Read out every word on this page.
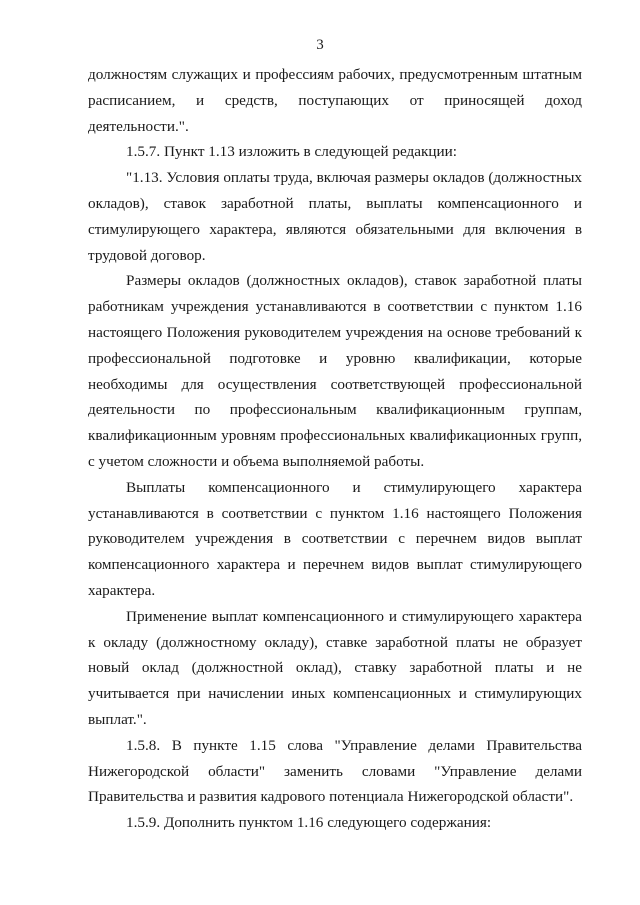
3

должностям служащих и профессиям рабочих, предусмотренным штатным расписанием, и средств, поступающих от приносящей доход деятельности.".

1.5.7. Пункт 1.13 изложить в следующей редакции:

"1.13. Условия оплаты труда, включая размеры окладов (должностных окладов), ставок заработной платы, выплаты компенсационного и стимулирующего характера, являются обязательными для включения в трудовой договор.

Размеры окладов (должностных окладов), ставок заработной платы работникам учреждения устанавливаются в соответствии с пунктом 1.16 настоящего Положения руководителем учреждения на основе требований к профессиональной подготовке и уровню квалификации, которые необходимы для осуществления соответствующей профессиональной деятельности по профессиональным квалификационным группам, квалификационным уровням профессиональных квалификационных групп, с учетом сложности и объема выполняемой работы.

Выплаты компенсационного и стимулирующего характера устанавливаются в соответствии с пунктом 1.16 настоящего Положения руководителем учреждения в соответствии с перечнем видов выплат компенсационного характера и перечнем видов выплат стимулирующего характера.

Применение выплат компенсационного и стимулирующего характера к окладу (должностному окладу), ставке заработной платы не образует новый оклад (должностной оклад), ставку заработной платы и не учитывается при начислении иных компенсационных и стимулирующих выплат.".

1.5.8. В пункте 1.15 слова "Управление делами Правительства Нижегородской области" заменить словами "Управление делами Правительства и развития кадрового потенциала Нижегородской области".

1.5.9. Дополнить пунктом 1.16 следующего содержания:
